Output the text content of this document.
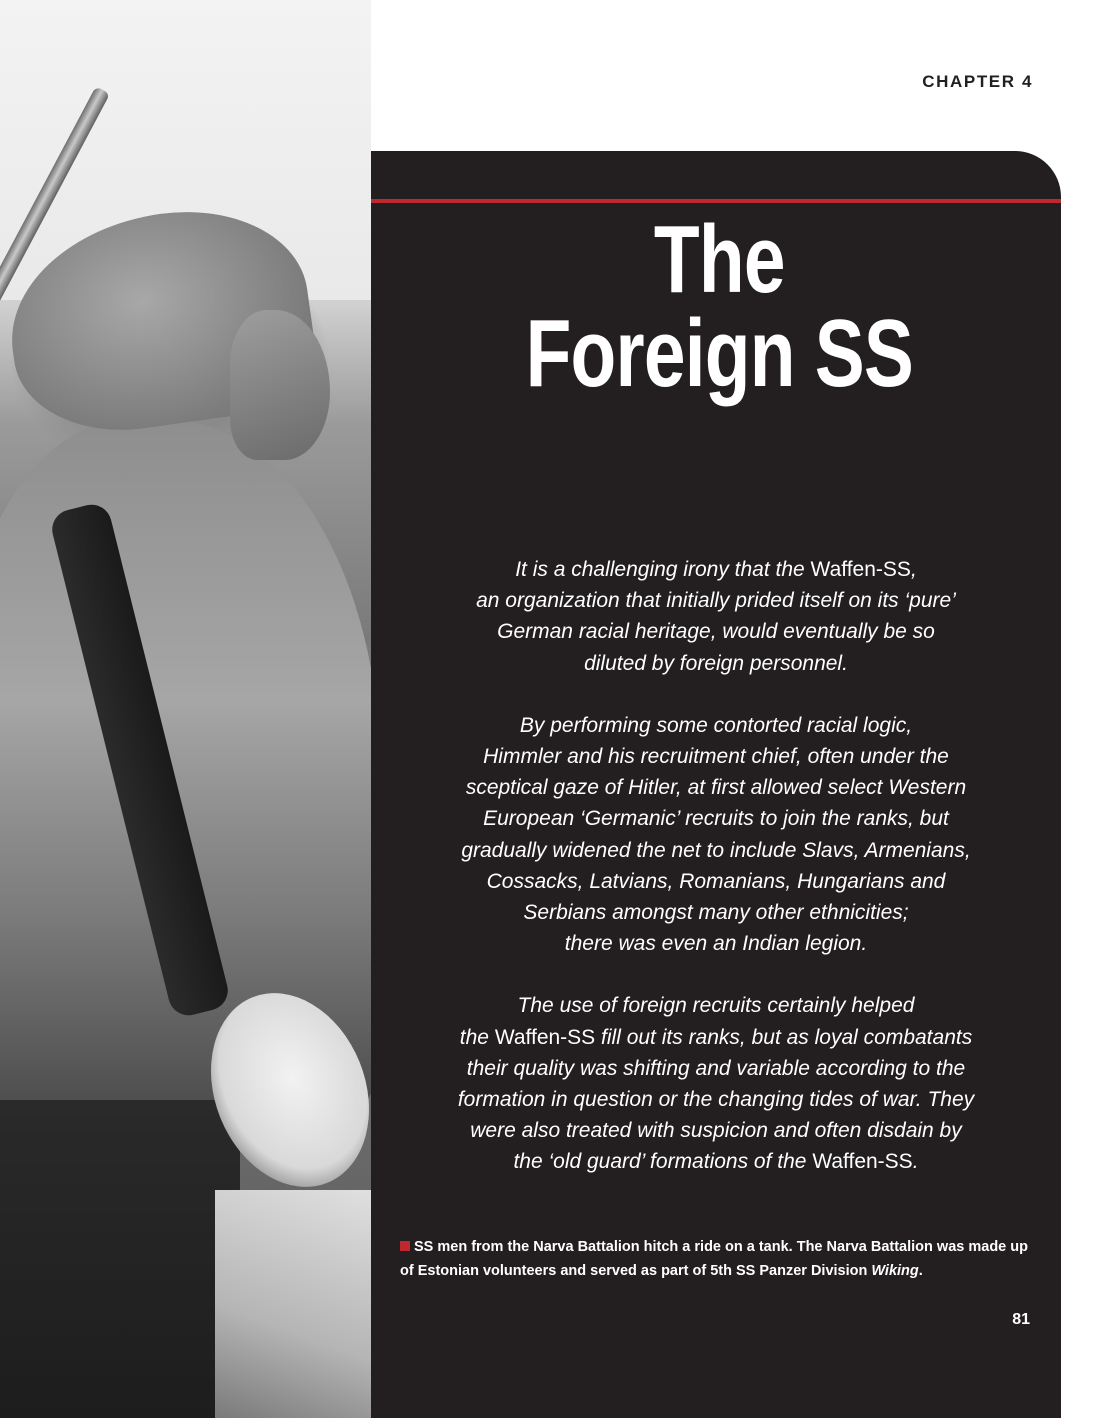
CHAPTER 4
The
Foreign SS

It is a challenging irony that the Waffen-SS,
an organization that initially prided itself on its ‘pure’
German racial heritage, would eventually be so
diluted by foreign personnel.

By performing some contorted racial logic,
Himmler and his recruitment chief, often under the
sceptical gaze of Hitler, at first allowed select Western
European ‘Germanic’ recruits to join the ranks, but
gradually widened the net to include Slavs, Armenians,
Cossacks, Latvians, Romanians, Hungarians and
Serbians amongst many other ethnicities;
there was even an Indian legion.

The use of foreign recruits certainly helped
the Waffen-SS fill out its ranks, but as loyal combatants
their quality was shifting and variable according to the
formation in question or the changing tides of war. They
were also treated with suspicion and often disdain by
the ‘old guard’ formations of the Waffen-SS.

SS men from the Narva Battalion hitch a ride on a tank. The Narva Battalion was made up of Estonian volunteers and served as part of 5th SS Panzer Division Wiking.
81
